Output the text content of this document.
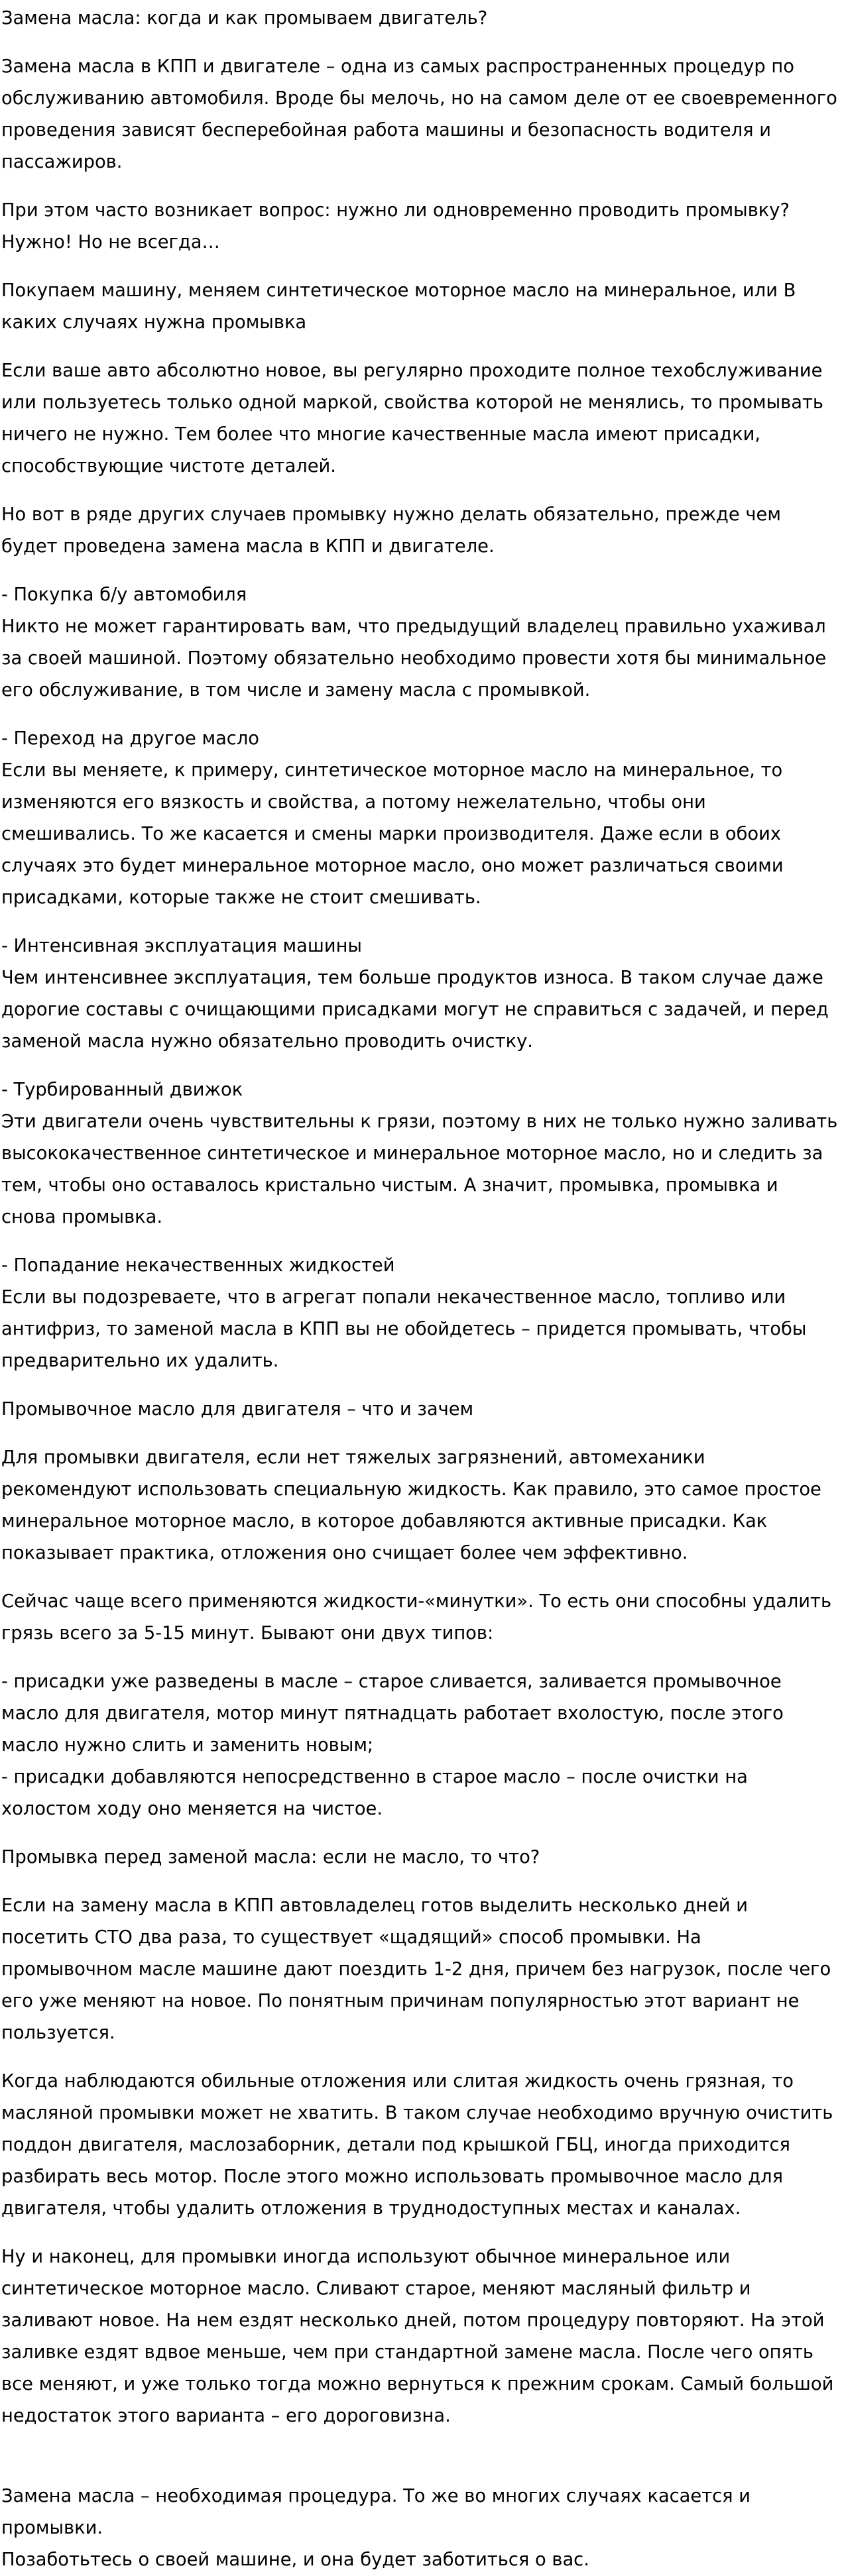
Замена масла: когда и как промываем двигатель?

Замена масла в КПП и двигателе – одна из самых распространенных процедур по обслуживанию автомобиля. Вроде бы мелочь, но на самом деле от ее своевременного проведения зависят бесперебойная работа машины и безопасность водителя и пассажиров.

При этом часто возникает вопрос: нужно ли одновременно проводить промывку? Нужно! Но не всегда…

Покупаем машину, меняем синтетическое моторное масло на минеральное, или В каких случаях нужна промывка

Если ваше авто абсолютно новое, вы регулярно проходите полное техобслуживание или пользуетесь только одной маркой, свойства которой не менялись, то промывать ничего не нужно. Тем более что многие качественные масла имеют присадки, способствующие чистоте деталей.

Но вот в ряде других случаев промывку нужно делать обязательно, прежде чем будет проведена замена масла в КПП и двигателе.

- Покупка б/у автомобиля
Никто не может гарантировать вам, что предыдущий владелец правильно ухаживал за своей машиной. Поэтому обязательно необходимо провести хотя бы минимальное его обслуживание, в том числе и замену масла с промывкой.

- Переход на другое масло
Если вы меняете, к примеру, синтетическое моторное масло на минеральное, то изменяются его вязкость и свойства, а потому нежелательно, чтобы они смешивались. То же касается и смены марки производителя. Даже если в обоих случаях это будет минеральное моторное масло, оно может различаться своими присадками, которые также не стоит смешивать.

- Интенсивная эксплуатация машины
Чем интенсивнее эксплуатация, тем больше продуктов износа. В таком случае даже дорогие составы с очищающими присадками могут не справиться с задачей, и перед заменой масла нужно обязательно проводить очистку.

- Турбированный движок
Эти двигатели очень чувствительны к грязи, поэтому в них не только нужно заливать высококачественное синтетическое и минеральное моторное масло, но и следить за тем, чтобы оно оставалось кристально чистым. А значит, промывка, промывка и снова промывка.

- Попадание некачественных жидкостей
Если вы подозреваете, что в агрегат попали некачественное масло, топливо или антифриз, то заменой масла в КПП вы не обойдетесь – придется промывать, чтобы предварительно их удалить.

Промывочное масло для двигателя – что и зачем

Для промывки двигателя, если нет тяжелых загрязнений, автомеханики рекомендуют использовать специальную жидкость. Как правило, это самое простое минеральное моторное масло, в которое добавляются активные присадки. Как показывает практика, отложения оно счищает более чем эффективно.

Сейчас чаще всего применяются жидкости-«минутки». То есть они способны удалить грязь всего за 5-15 минут. Бывают они двух типов:

- присадки уже разведены в масле – старое сливается, заливается промывочное масло для двигателя, мотор минут пятнадцать работает вхолостую, после этого масло нужно слить и заменить новым;
- присадки добавляются непосредственно в старое масло – после очистки на холостом ходу оно меняется на чистое.

Промывка перед заменой масла: если не масло, то что?

Если на замену масла в КПП автовладелец готов выделить несколько дней и посетить СТО два раза, то существует «щадящий» способ промывки. На промывочном масле машине дают поездить 1-2 дня, причем без нагрузок, после чего его уже меняют на новое. По понятным причинам популярностью этот вариант не пользуется.

Когда наблюдаются обильные отложения или слитая жидкость очень грязная, то масляной промывки может не хватить. В таком случае необходимо вручную очистить поддон двигателя, маслозаборник, детали под крышкой ГБЦ, иногда приходится разбирать весь мотор. После этого можно использовать промывочное масло для двигателя, чтобы удалить отложения в труднодоступных местах и каналах.

Ну и наконец, для промывки иногда используют обычное минеральное или синтетическое моторное масло. Сливают старое, меняют масляный фильтр и заливают новое. На нем ездят несколько дней, потом процедуру повторяют. На этой заливке ездят вдвое меньше, чем при стандартной замене масла. После чего опять все меняют, и уже только тогда можно вернуться к прежним срокам. Самый большой недостаток этого варианта – его дороговизна.

Замена масла – необходимая процедура. То же во многих случаях касается и промывки.
Позаботьтесь о своей машине, и она будет заботиться о вас.
